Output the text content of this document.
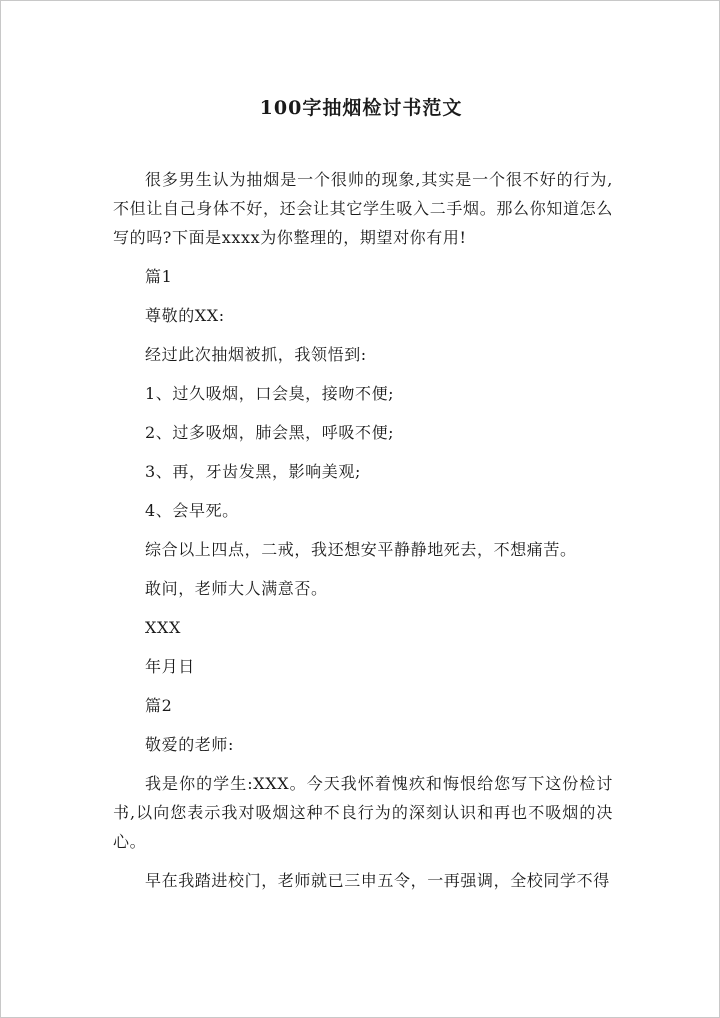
100字抽烟检讨书范文

很多男生认为抽烟是一个很帅的现象,其实是一个很不好的行为,不但让自己身体不好，还会让其它学生吸入二手烟。那么你知道怎么写的吗?下面是xxxx为你整理的，期望对你有用!

篇1

尊敬的XX:

经过此次抽烟被抓，我领悟到:

1、过久吸烟，口会臭，接吻不便;

2、过多吸烟，肺会黑，呼吸不便;

3、再，牙齿发黑，影响美观;

4、会早死。

综合以上四点，二戒，我还想安平静静地死去，不想痛苦。

敢问，老师大人满意否。

XXX

年月日

篇2

敬爱的老师:

我是你的学生:XXX。今天我怀着愧疚和悔恨给您写下这份检讨书,以向您表示我对吸烟这种不良行为的深刻认识和再也不吸烟的决心。

早在我踏进校门，老师就已三申五令，一再强调，全校同学不得
